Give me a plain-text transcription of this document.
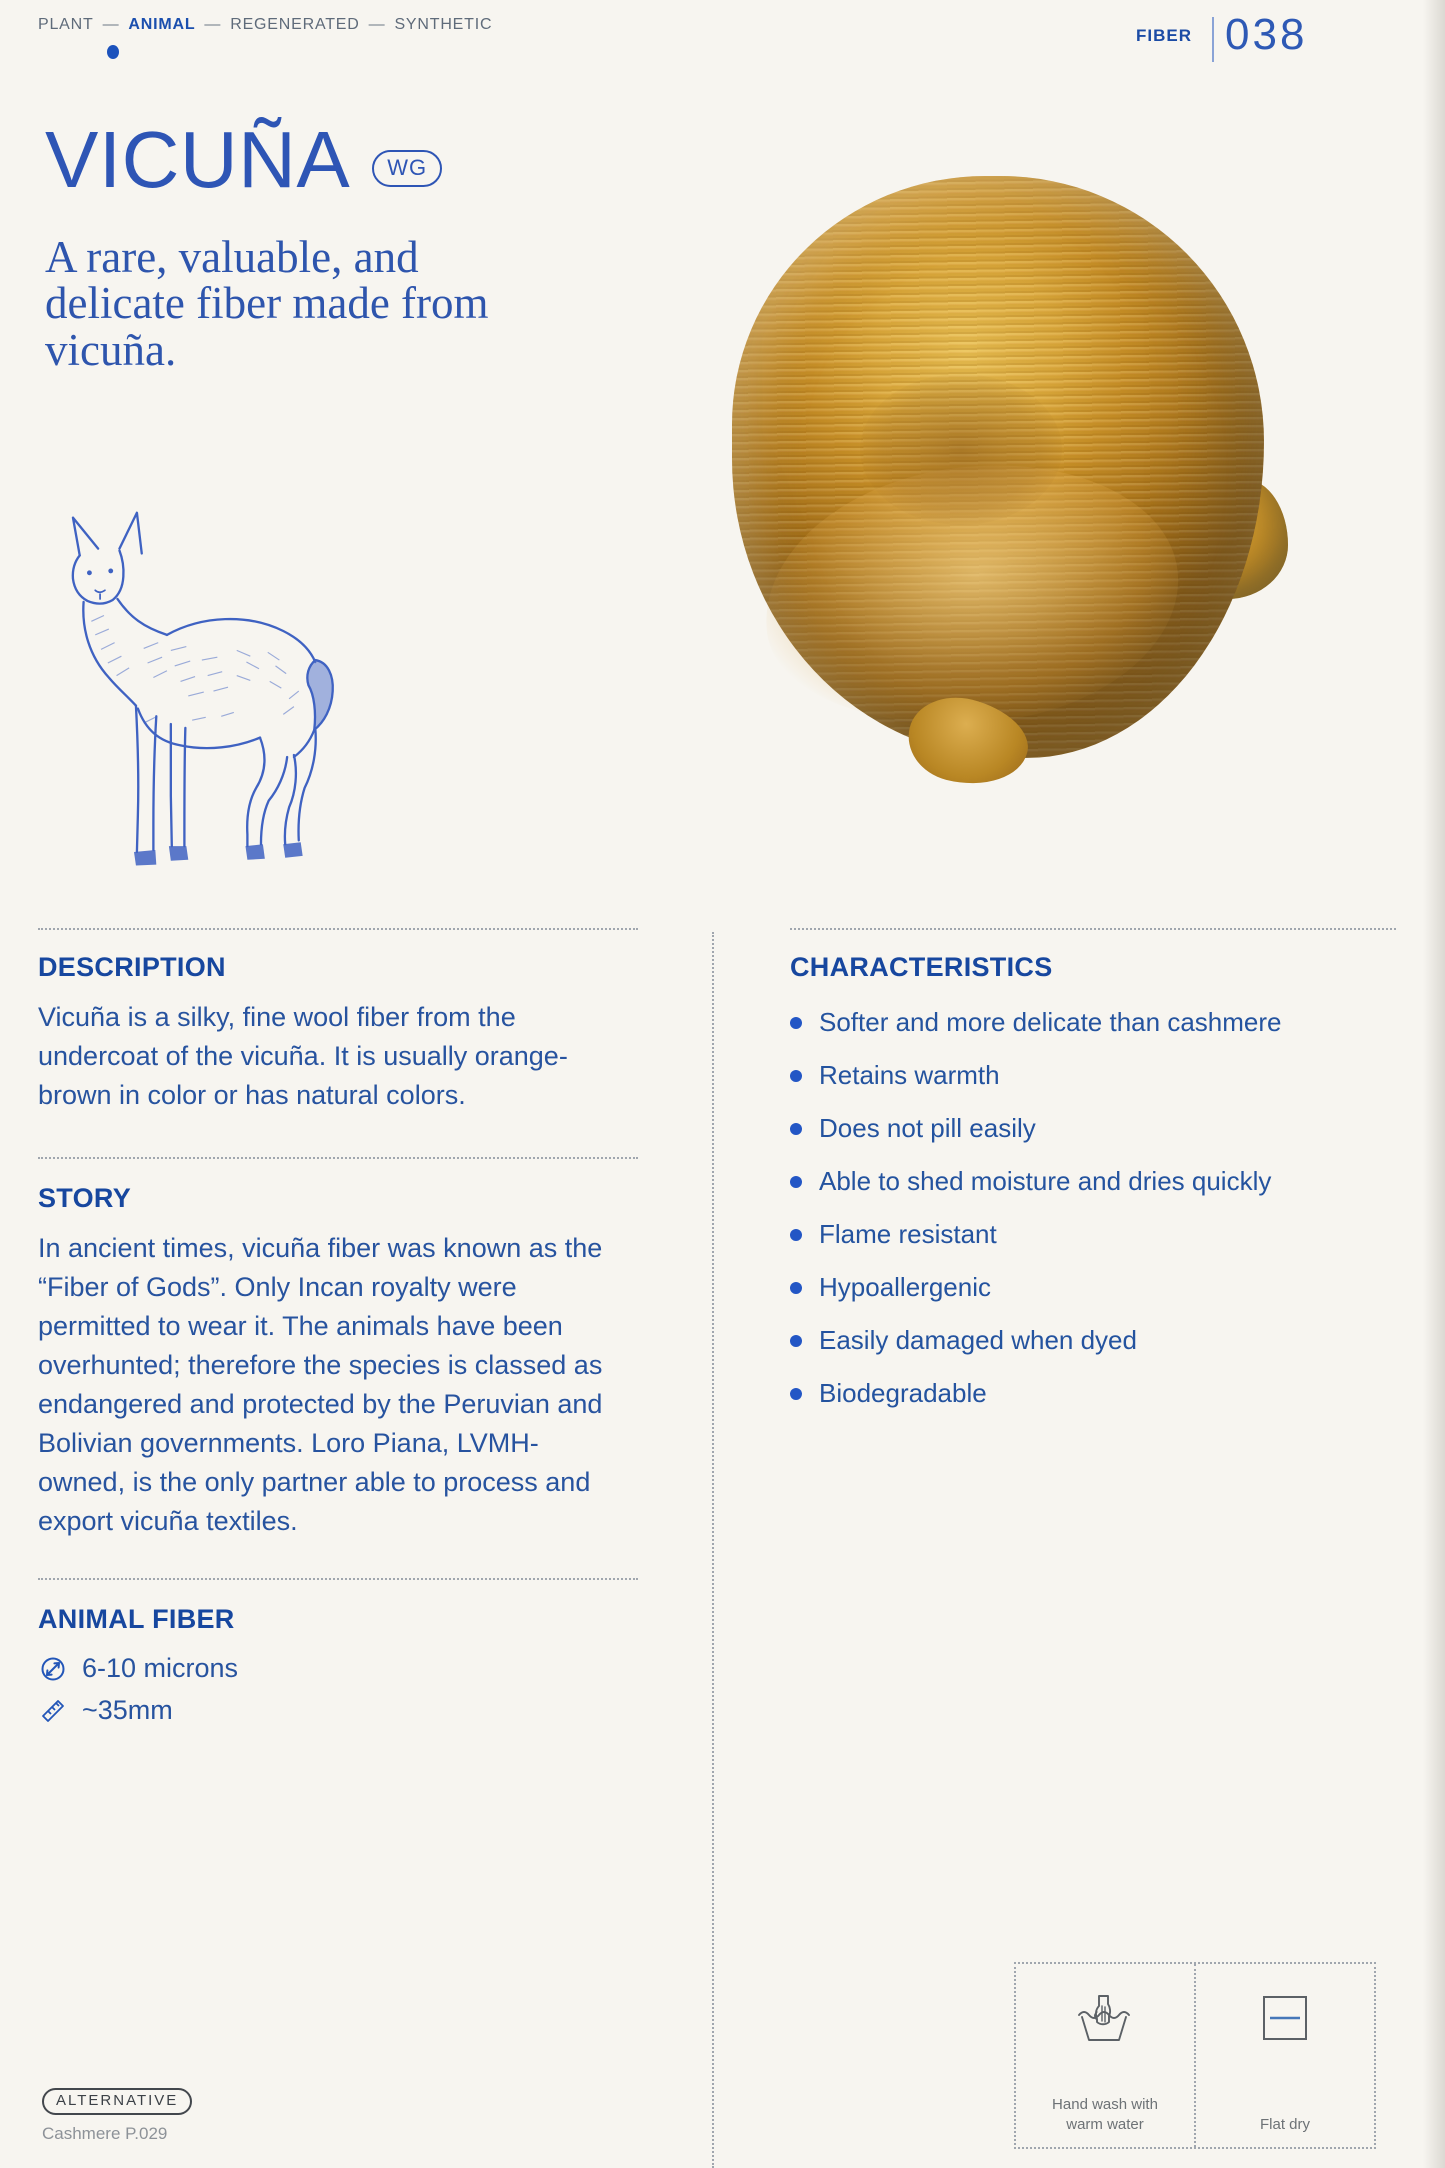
PLANT — ANIMAL — REGENERATED — SYNTHETIC
FIBER 038
VICUÑA WG
A rare, valuable, and delicate fiber made from vicuña.
DESCRIPTION

Vicuña is a silky, fine wool fiber from the undercoat of the vicuña. It is usually orange-brown in color or has natural colors.

STORY

In ancient times, vicuña fiber was known as the “Fiber of Gods”. Only Incan royalty were permitted to wear it. The animals have been overhunted; therefore the species is classed as endangered and protected by the Peruvian and Bolivian governments. Loro Piana, LVMH-owned, is the only partner able to process and export vicuña textiles.

ANIMAL FIBER
6-10 microns
~35mm
CHARACTERISTICS
Softer and more delicate than cashmere
Retains warmth
Does not pill easily
Able to shed moisture and dries quickly
Flame resistant
Hypoallergenic
Easily damaged when dyed
Biodegradable
Hand wash with warm water	Flat dry
ALTERNATIVE
Cashmere P.029
